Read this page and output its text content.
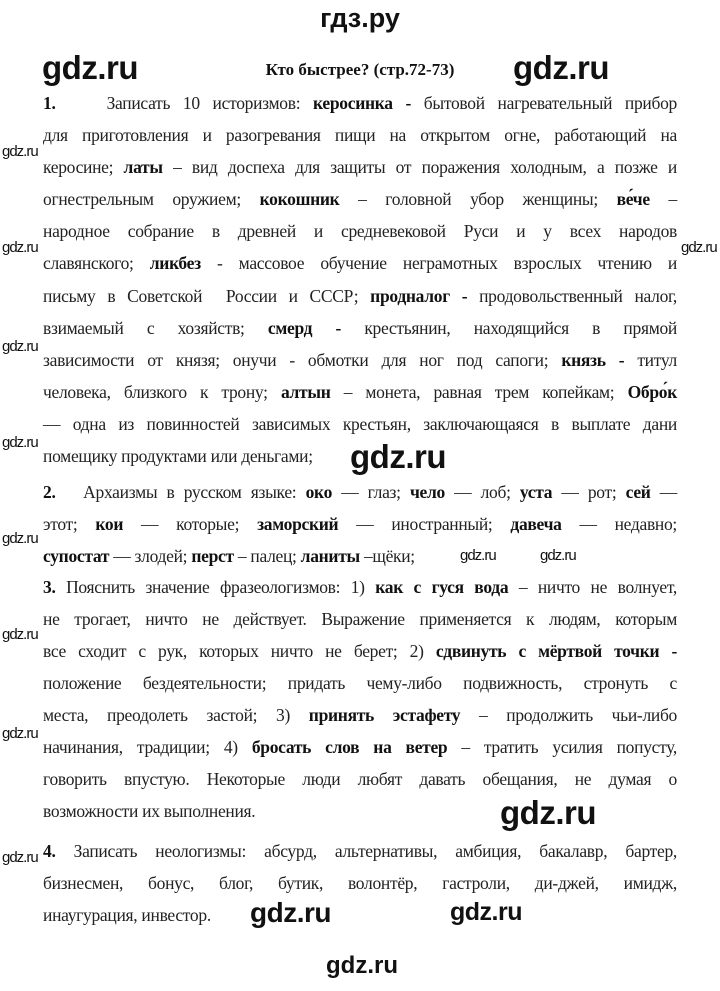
гдз.ру
Кто быстрее? (стр.72-73)
1.    Записать 10 историзмов: керосинка - бытовой нагревательный прибор
для приготовления и разогревания пищи на открытом огне, работающий на
керосине; латы – вид доспеха для защиты от поражения холодным, а позже и
огнестрельным оружием; кокошник – головной убор женщины; ве́че –
народное собрание в древней и средневековой Руси и у всех народов
славянского; ликбез - массовое обучение неграмотных взрослых чтению и
письму в Советской  России и СССР; продналог - продовольственный налог,
взимаемый с хозяйств; смерд - крестьянин, находящийся в прямой
зависимости от князя; онучи - обмотки для ног под сапоги; князь - титул
человека, близкого к трону; алтын – монета, равная трем копейкам; Обро́к
— одна из повинностей зависимых крестьян, заключающаяся в выплате дани
помещику продуктами или деньгами;
2.   Архаизмы в русском языке: око — глаз; чело — лоб; уста — рот; сей —
этот; кои — которые; заморский — иностранный; давеча — недавно;
супостат — злодей; перст – палец; ланиты –щёки;
3. Пояснить значение фразеологизмов: 1) как с гуся вода – ничто не волнует,
не трогает, ничто не действует. Выражение применяется к людям, которым
все сходит с рук, которых ничто не берет; 2) сдвинуть с мёртвой точки -
положение бездеятельности; придать чему-либо подвижность, стронуть с
места, преодолеть застой; 3) принять эстафету – продолжить чьи-либо
начинания, традиции; 4) бросать слов на ветер – тратить усилия попусту,
говорить впустую. Некоторые люди любят давать обещания, не думая о
возможности их выполнения.
4. Записать неологизмы: абсурд, альтернативы, амбиция, бакалавр, бартер,
бизнесмен, бонус, блог, бутик, волонтёр, гастроли, ди-джей, имидж,
инаугурация, инвестор.
gdz.ru	gdz.ru
gdz.ru
gdz.ru	gdz.ru
gdz.ru	gdz.ru
gdz.ru
gdz.ru	gdz.ru
gdz.ru
gdz.ru
gdz.ru
gdz.ru
gdz.ru
gdz.ru
gdz.ru
gdz.ru
